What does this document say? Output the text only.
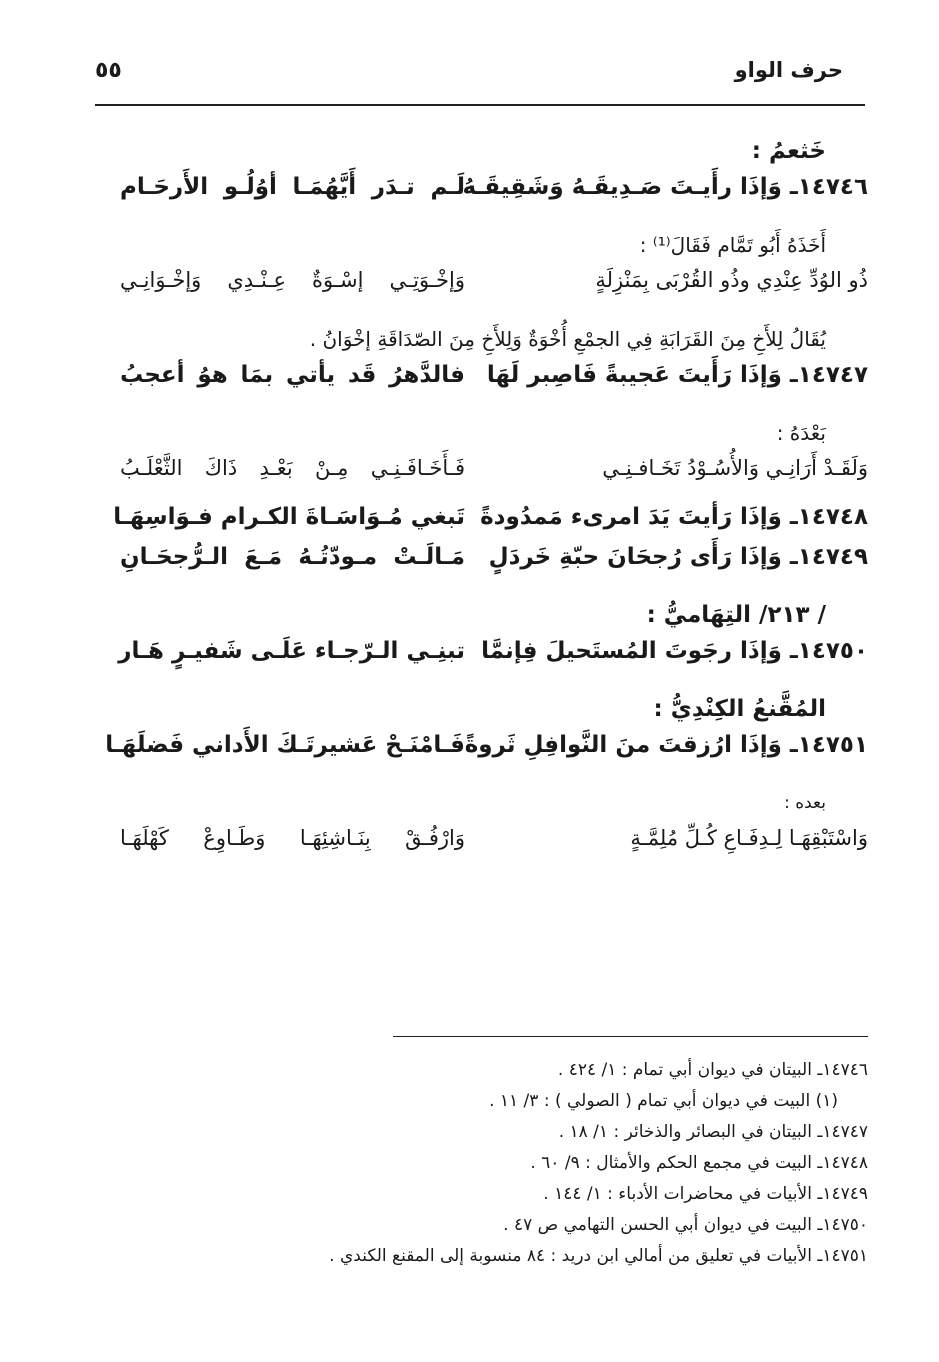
حرف الواو
٥٥
خَثعمُ :
١٤٧٤٦ـ وَإذَا رأَيـتَ صَـدِيقَـهُ وَشَقِيقَـهُ
لَـم تـدَر أَيَّهُمَـا أوُلُـو الأَرحَـام
أَخَذَهُ أَبُو تَمَّام فَقَالَ⁽¹⁾ :
ذُو الوُدِّ عِنْدِي وذُو القُرْبَى بِمَنْزِلَةٍ
وَإخْـوَتِـي إسْـوَةٌ عِـنْـدِي وَإخْـوَانِـي
يُقَالُ لِلأَخِ مِنَ القَرَابَةِ فِي الجمْعِ أُخْوَةٌ وَلِلأَخِ مِنَ الصّدَاقَةِ إخْوَانُ .
١٤٧٤٧ـ وَإذَا رَأَيتَ عَجيبةً فَاصِبر لَهَا
فالدَّهرُ قَد يأتي بمَا هوُ أعجبُ
بَعْدَهُ :
وَلَقَـدْ أَرَانِـي وَالأُسُـوْدُ تَخَـافـنِـي
فَـأَخَـافَـنِـي مِـنْ بَعْـدِ ذَاكَ الثَّعْلَـبُ
١٤٧٤٨ـ وَإذَا رَأيتَ يَدَ امرىء مَمدُودةً
تَبغي مُـوَاسَـاةَ الكـرام فـوَاسِهَـا
١٤٧٤٩ـ وَإذَا رَأَى رُجحَانَ حبّةِ خَردَلٍ
مَـالَـتْ مـودّتُـهُ مَـعَ الـرُّجحَـانِ
/ ٢١٣/ التِهَاميُّ :
١٤٧٥٠ـ وَإذَا رجَوتَ المُستَحيلَ فِإنمَّا
تبنِـي الـرّجـاء عَلَـى شَفيـرٍ هَـار
المُقَّنعُ الكِنْدِيُّ :
١٤٧٥١ـ وَإذَا ارُزقتَ منَ النَّوافِلِ ثَروةً
فَـامْنَـحْ عَشيرتَـكَ الأَداني فَضلَهَـا
بعده :
وَاسْتَبْقِهَـا لِـدِفَـاعِ كُـلِّ مُلِمَّـةٍ
وَارْفُـقْ بِنَـاشِئِهَـا وَطَـاوِعْ كَهْلَهَـا
١٤٧٤٦ـ البيتان في ديوان أبي تمام : ١/ ٤٢٤ .
(١) البيت في ديوان أبي تمام ( الصولي ) : ٣/ ١١ .
١٤٧٤٧ـ البيتان في البصائر والذخائر : ١/ ١٨ .
١٤٧٤٨ـ البيت في مجمع الحكم والأمثال : ٩/ ٦٠ .
١٤٧٤٩ـ الأبيات في محاضرات الأدباء : ١/ ١٤٤ .
١٤٧٥٠ـ البيت في ديوان أبي الحسن التهامي ص ٤٧ .
١٤٧٥١ـ الأبيات في تعليق من أمالي ابن دريد : ٨٤ منسوبة إلى المقنع الكندي .
